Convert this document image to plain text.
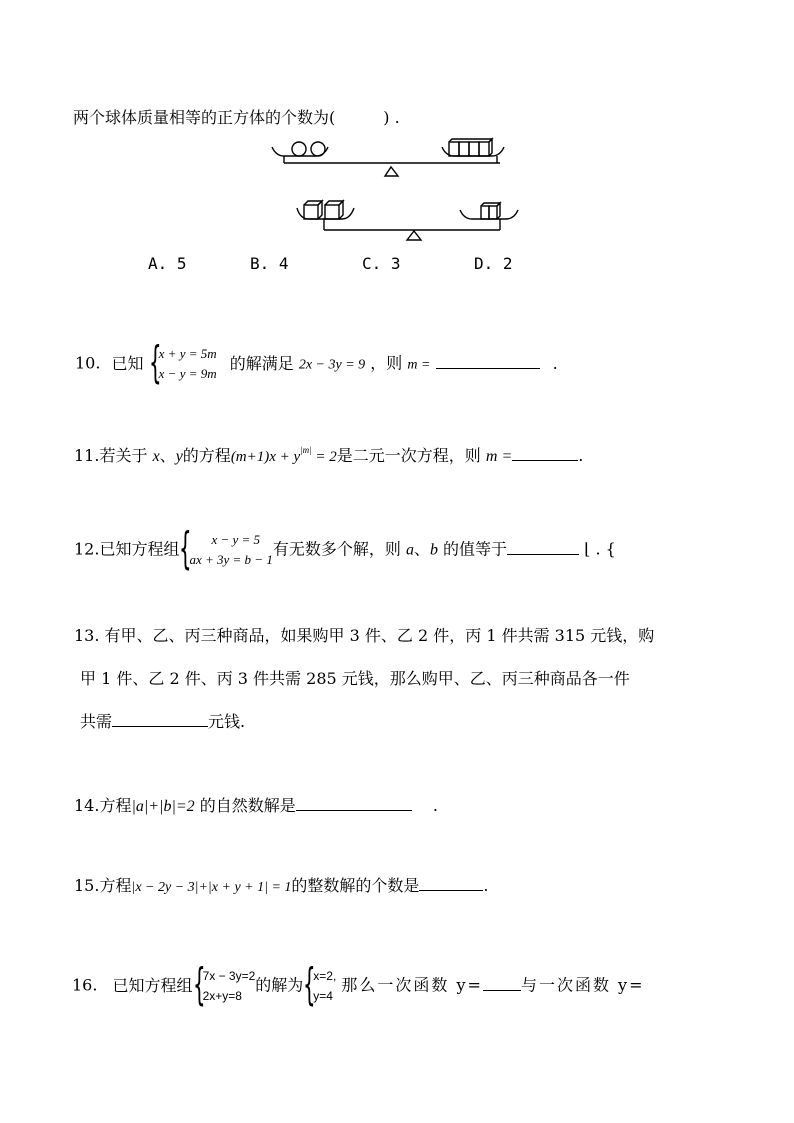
两个球体质量相等的正方体的个数为(　　　) .
A. 5	B. 4	C. 3	D. 2
10. 已知 {
x + y = 5m
x − y = 9m
的解满足 2x − 3y = 9 ，则 m =	.
11.若关于 x、y的方程$(m+1)x + y^{|m|} = 2$是二元一次方程，则 m =	.
12.已知方程组 {	x − y = 5
ax + 3y = b − 1
有无数多个解，则 a、b 的值等于	⌊ . {
13. 有甲、乙、丙三种商品，如果购甲 3 件、乙 2 件，丙 1 件共需 315 元钱，购
甲 1 件、乙 2 件、丙 3 件共需 285 元钱，那么购甲、乙、丙三种商品各一件
共需	元钱.
14.方程|a|+|b|=2 的自然数解是	.
15.方程|x − 2y − 3|+|x + y + 1| = 1的整数解的个数是	.
16. 已知方程组 {
7x − 3y=2
2x+y=8
的解为 {
x=2,
y=4
那么一次函数 y= 与一次函数 y=
